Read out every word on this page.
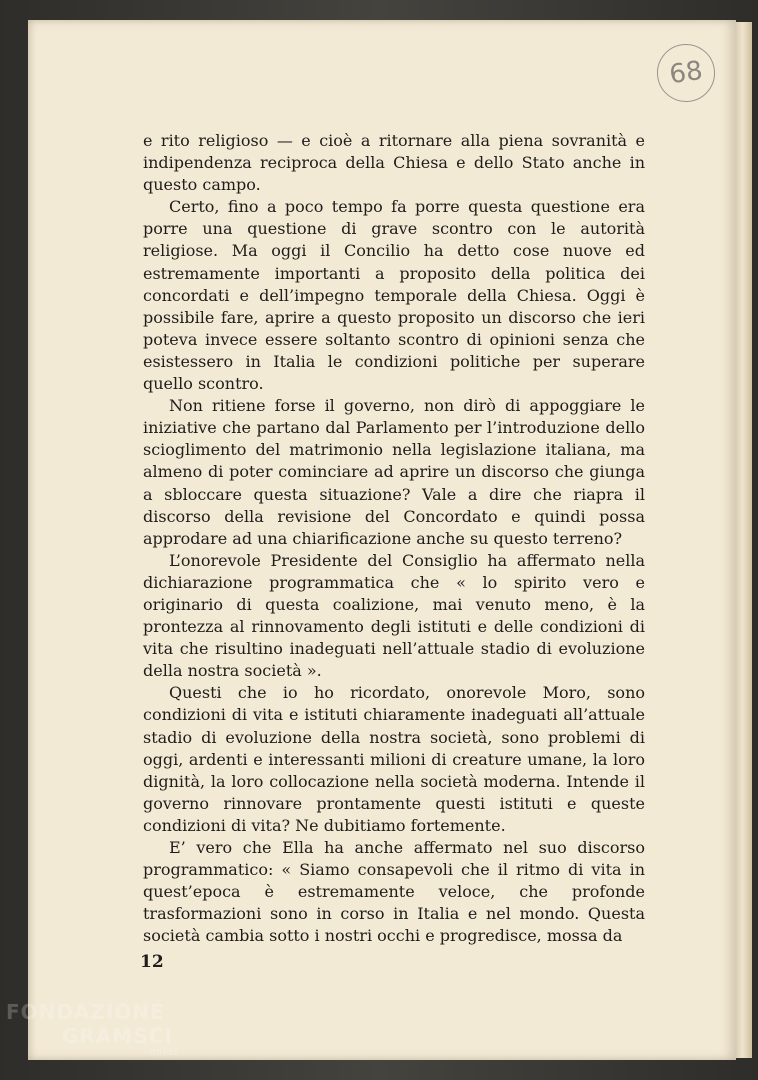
68

e rito religioso — e cioè a ritornare alla piena sovranità e indipendenza reciproca della Chiesa e dello Stato anche in questo campo.

Certo, fino a poco tempo fa porre questa questione era porre una questione di grave scontro con le autorità religiose. Ma oggi il Concilio ha detto cose nuove ed estremamente importanti a proposito della politica dei concordati e dell’impegno temporale della Chiesa. Oggi è possibile fare, aprire a questo proposito un discorso che ieri poteva invece essere soltanto scontro di opinioni senza che esistessero in Italia le condizioni politiche per superare quello scontro.

Non ritiene forse il governo, non dirò di appoggiare le iniziative che partano dal Parlamento per l’introduzione dello scioglimento del matrimonio nella legislazione italiana, ma almeno di poter cominciare ad aprire un discorso che giunga a sbloccare questa situazione? Vale a dire che riapra il discorso della revisione del Concordato e quindi possa approdare ad una chiarificazione anche su questo terreno?

L’onorevole Presidente del Consiglio ha affermato nella dichiarazione programmatica che « lo spirito vero e originario di questa coalizione, mai venuto meno, è la prontezza al rinnovamento degli istituti e delle condizioni di vita che risultino inadeguati nell’attuale stadio di evoluzione della nostra società ».

Questi che io ho ricordato, onorevole Moro, sono condizioni di vita e istituti chiaramente inadeguati all’attuale stadio di evoluzione della nostra società, sono problemi di oggi, ardenti e interessanti milioni di creature umane, la loro dignità, la loro collocazione nella società moderna. Intende il governo rinnovare prontamente questi istituti e queste condizioni di vita? Ne dubitiamo fortemente.

E’ vero che Ella ha anche affermato nel suo discorso programmatico: « Siamo consapevoli che il ritmo di vita in quest’epoca è estremamente veloce, che profonde trasformazioni sono in corso in Italia e nel mondo. Questa società cambia sotto i nostri occhi e progredisce, mossa da

12
FONDAZIONE
GRAMSCI
onlus
